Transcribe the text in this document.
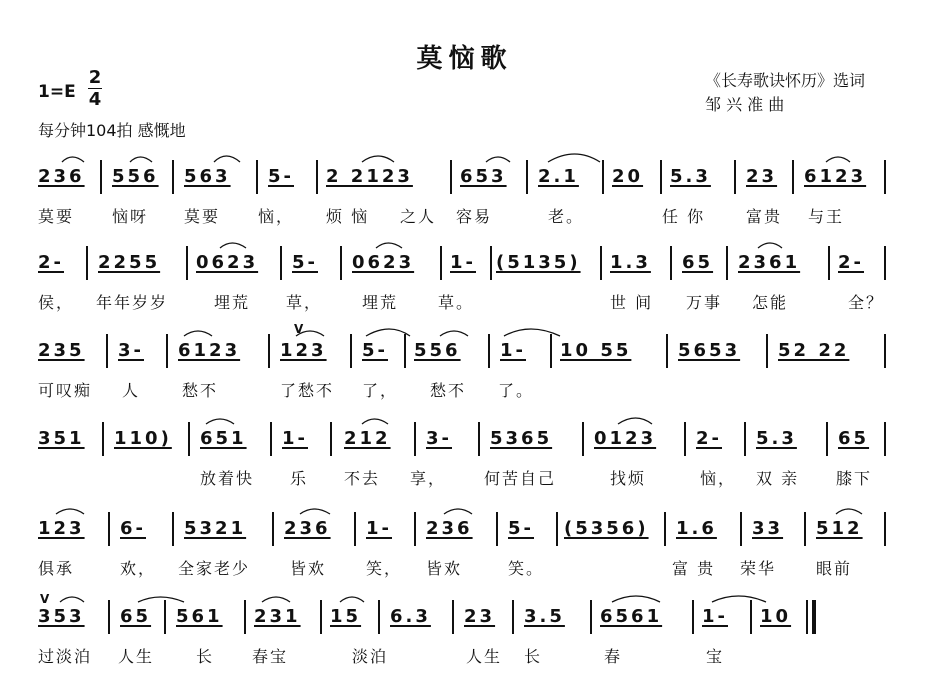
莫恼歌
1=E
2
4
每分钟104拍 感慨地
《长寿歌诀怀历》选词
邹 兴 准 曲
236 556 563 5- 2 2123	653 2.1 20 5.3 23 6123
莫要 恼呀 莫要 恼， 烦 恼 之人 容易	老。	任 你	富贵 与王
2- 2255 0623 5- 0623 1- (5135) 1.3 65 2361 2-
侯， 年年岁岁	埋荒 草， 埋荒 草。	世 间 万事 怎能	全？
235 3- 6123 123 5- 556 1- 10 55	5653 52 22
可叹痴 人	愁不	了愁不 了， 愁不 了。
351 110) 651 1- 212 3- 5365 0123 2- 5.3 65
放着快 乐 不去 享， 何苦自己	找烦	恼， 双 亲 膝下
123 6- 5321 236 1- 236 5- (5356) 1.6 33 512
俱承	欢， 全家老少 皆欢 笑， 皆欢	笑。	富 贵 荣华 眼前
353 65 561 231 15 6.3 23 3.5 6561 1- 10
过淡泊 人生	长 春宝	淡泊	人生 长	春	宝
V
V
